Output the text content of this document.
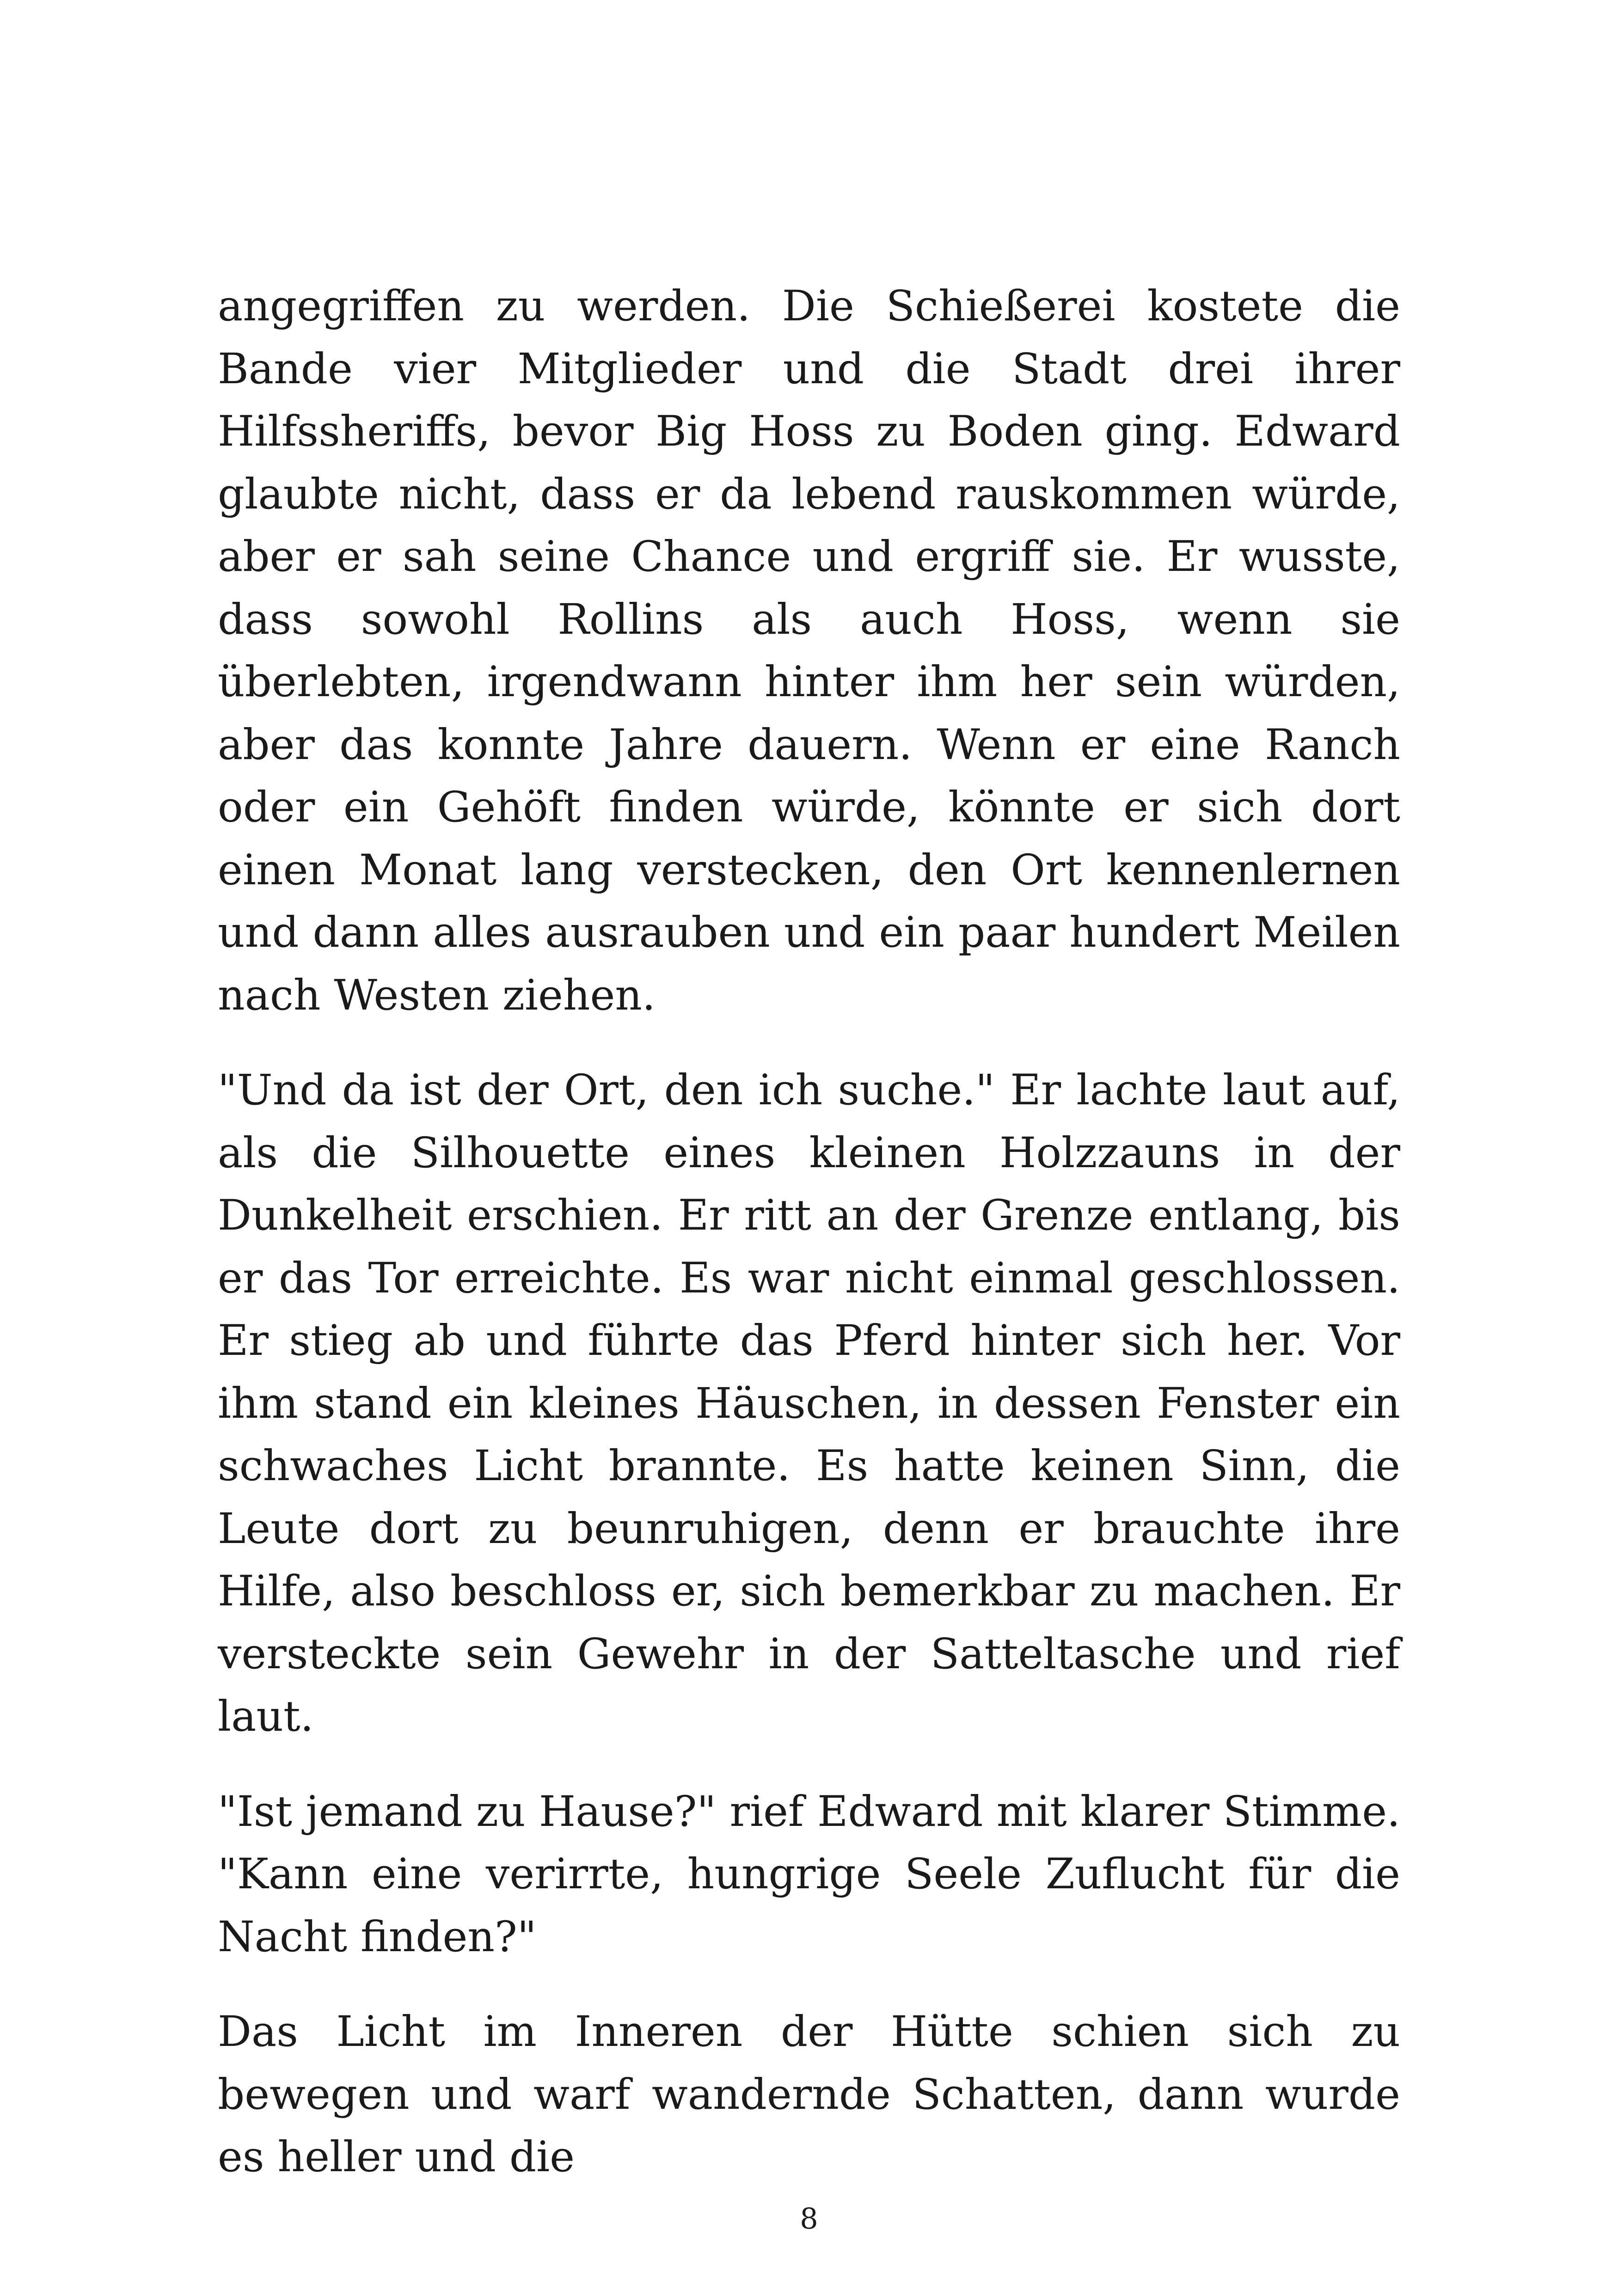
angegriffen zu werden. Die Schießerei kostete die Bande vier Mitglieder und die Stadt drei ihrer Hilfssheriffs, bevor Big Hoss zu Boden ging. Edward glaubte nicht, dass er da lebend rauskommen würde, aber er sah seine Chance und ergriff sie. Er wusste, dass sowohl Rollins als auch Hoss, wenn sie überlebten, irgendwann hinter ihm her sein würden, aber das konnte Jahre dauern. Wenn er eine Ranch oder ein Gehöft finden würde, könnte er sich dort einen Monat lang verstecken, den Ort kennenlernen und dann alles ausrauben und ein paar hundert Meilen nach Westen ziehen.

"Und da ist der Ort, den ich suche." Er lachte laut auf, als die Silhouette eines kleinen Holzzauns in der Dunkelheit erschien. Er ritt an der Grenze entlang, bis er das Tor erreichte. Es war nicht einmal geschlossen. Er stieg ab und führte das Pferd hinter sich her. Vor ihm stand ein kleines Häuschen, in dessen Fenster ein schwaches Licht brannte. Es hatte keinen Sinn, die Leute dort zu beunruhigen, denn er brauchte ihre Hilfe, also beschloss er, sich bemerkbar zu machen. Er versteckte sein Gewehr in der Satteltasche und rief laut.

"Ist jemand zu Hause?" rief Edward mit klarer Stimme. "Kann eine verirrte, hungrige Seele Zuflucht für die Nacht finden?"

Das Licht im Inneren der Hütte schien sich zu bewegen und warf wandernde Schatten, dann wurde es heller und die

8
